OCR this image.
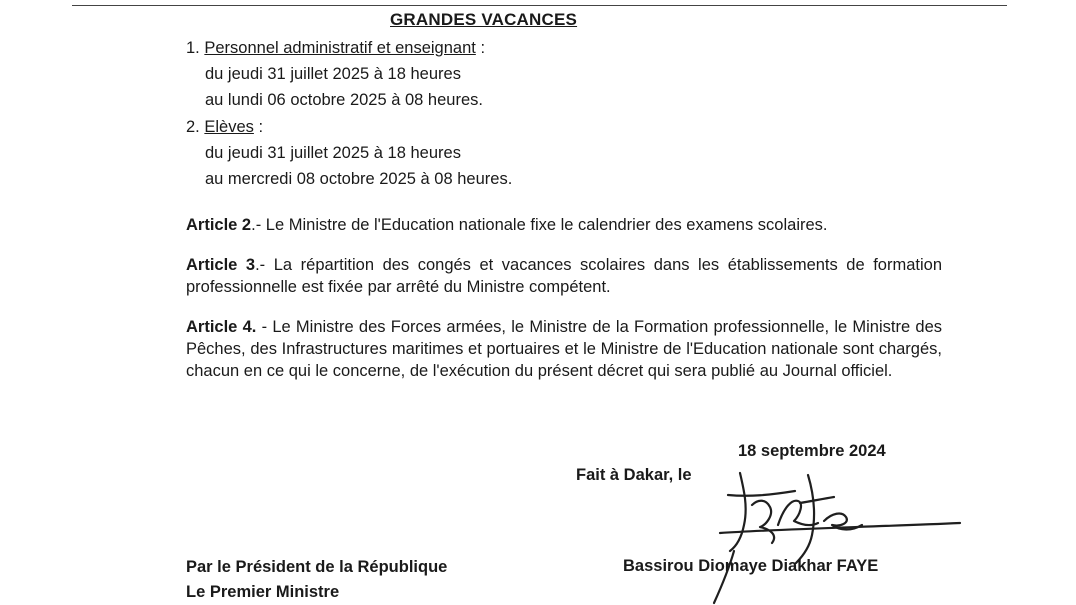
GRANDES VACANCES
1. Personnel administratif et enseignant :
du jeudi 31 juillet 2025 à 18 heures
au lundi 06 octobre 2025 à 08 heures.
2. Elèves :
du jeudi 31 juillet 2025 à 18 heures
au mercredi 08 octobre 2025 à 08 heures.
Article 2.- Le Ministre de l'Education nationale fixe le calendrier des examens scolaires.
Article 3.- La répartition des congés et vacances scolaires dans les établissements de formation professionnelle est fixée par arrêté du Ministre compétent.
Article 4. - Le Ministre des Forces armées, le Ministre de la Formation professionnelle, le Ministre des Pêches, des Infrastructures maritimes et portuaires et le Ministre de l'Education nationale sont chargés, chacun en ce qui le concerne, de l'exécution du présent décret qui sera publié au Journal officiel.
18 septembre 2024
Fait à Dakar, le
Bassirou Diomaye Diakhar FAYE
Par le Président de la République
Le Premier Ministre
